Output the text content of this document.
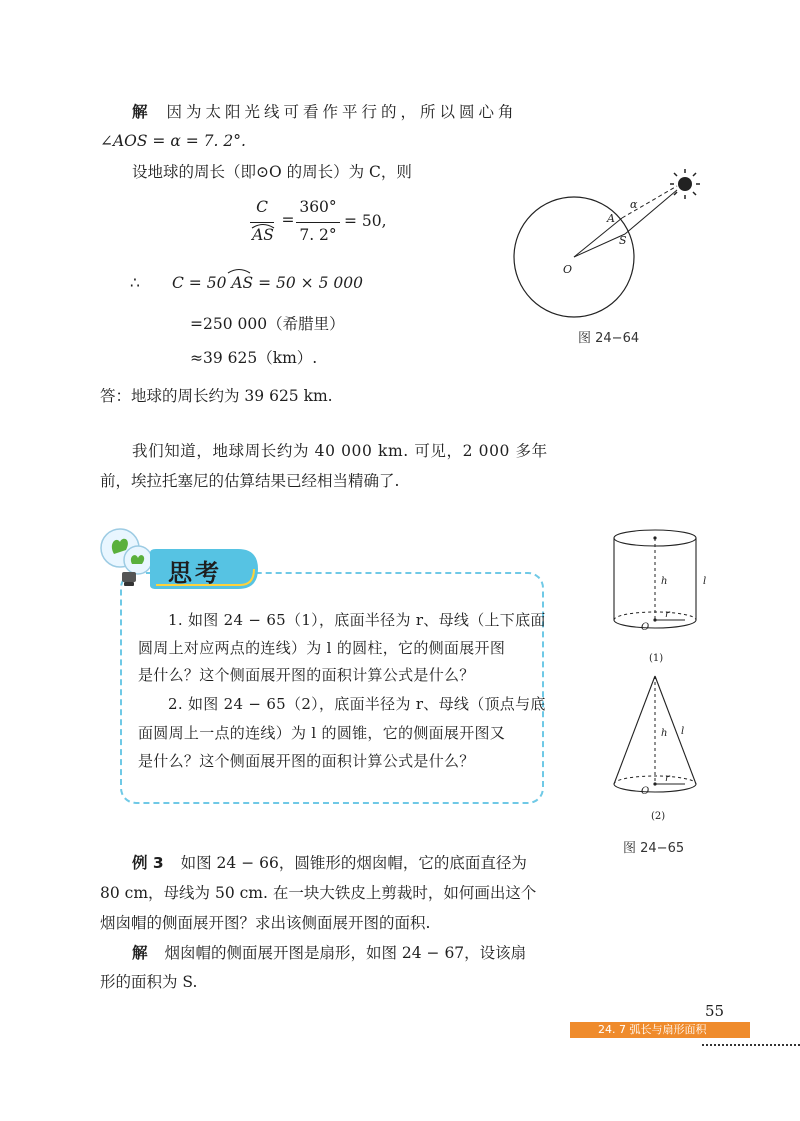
解 因为太阳光线可看作平行的，所以圆心角
∠AOS = α = 7. 2°.
设地球的周长（即⊙O 的周长）为 C，则
C
AS
=
360°
7. 2°
= 50,
∴ C = 50 AS = 50 × 5 000
=250 000（希腊里）
≈39 625（km）.
答：地球的周长约为 39 625 km.
我们知道，地球周长约为 40 000 km. 可见，2 000 多年
前，埃拉托塞尼的估算结果已经相当精确了.
A
S
O
α
图 24−64
思考
1. 如图 24 − 65（1），底面半径为 r、母线（上下底面
圆周上对应两点的连线）为 l 的圆柱，它的侧面展开图
是什么？这个侧面展开图的面积计算公式是什么？
2. 如图 24 − 65（2），底面半径为 r、母线（顶点与底
面圆周上一点的连线）为 l 的圆锥，它的侧面展开图又
是什么？这个侧面展开图的面积计算公式是什么？
h	l
r
O
(1)
h l
r
O
(2)
图 24−65
例 3 如图 24 − 66，圆锥形的烟囱帽，它的底面直径为
80 cm，母线为 50 cm. 在一块大铁皮上剪裁时，如何画出这个
烟囱帽的侧面展开图？求出该侧面展开图的面积.
解 烟囱帽的侧面展开图是扇形，如图 24 − 67，设该扇
形的面积为 S.
55
24. 7 弧长与扇形面积
